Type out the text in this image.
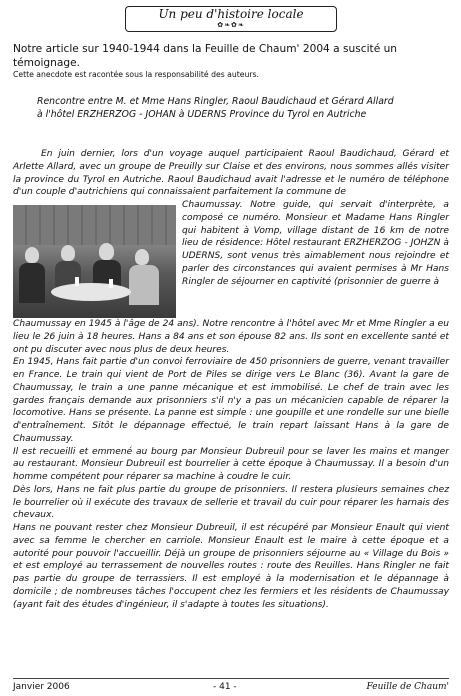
Un peu d'histoire locale
✿❧✿❧
Notre article sur 1940-1944 dans la Feuille de Chaum' 2004 a suscité un témoignage.
Cette anecdote est racontée sous la responsabilité des auteurs.
Rencontre entre M. et Mme Hans Ringler, Raoul Baudichaud et Gérard Allard
à l'hôtel ERZHERZOG - JOHAN à UDERNS Province du Tyrol en Autriche

En juin dernier, lors d'un voyage auquel participaient Raoul Baudichaud, Gérard et Arlette Allard, avec un groupe de Preuilly sur Claise et des environs, nous sommes allés visiter la province du Tyrol en Autriche. Raoul Baudichaud avait l'adresse et le numéro de téléphone d'un couple d'autrichiens qui connaissaient parfaitement la commune de

Chaumussay. Notre guide, qui servait d'interprète, a composé ce numéro. Monsieur et Madame Hans Ringler qui habitent à Vomp, village distant de 16 km de notre lieu de résidence: Hôtel restaurant ERZHERZOG - JOHZN à UDERNS, sont venus très aimablement nous rejoindre et parler des circonstances qui avaient permises à Mr Hans Ringler de séjourner en captivité (prisonnier de guerre à

Chaumussay en 1945 à l'âge de 24 ans). Notre rencontre à l'hôtel avec Mr et Mme Ringler a eu lieu le 26 juin à 18 heures. Hans a 84 ans et son épouse 82 ans. Ils sont en excellente santé et ont pu discuter avec nous plus de deux heures.

En 1945, Hans fait partie d'un convoi ferroviaire de 450 prisonniers de guerre, venant travailler en France. Le train qui vient de Port de Piles se dirige vers Le Blanc (36). Avant la gare de Chaumussay, le train a une panne mécanique et est immobilisé. Le chef de train avec les gardes français demande aux prisonniers s'il n'y a pas un mécanicien capable de réparer la locomotive. Hans se présente. La panne est simple : une goupille et une rondelle sur une bielle d'entraînement. Sitôt le dépannage effectué, le train repart laissant Hans à la gare de Chaumussay.

Il est recueilli et emmené au bourg par Monsieur Dubreuil pour se laver les mains et manger au restaurant. Monsieur Dubreuil est bourrelier à cette époque à Chaumussay. Il a besoin d'un homme compétent pour réparer sa machine à coudre le cuir.

Dès lors, Hans ne fait plus partie du groupe de prisonniers. Il restera plusieurs semaines chez le bourrelier où il exécute des travaux de sellerie et travail du cuir pour réparer les harnais des chevaux.

Hans ne pouvant rester chez Monsieur Dubreuil, il est récupéré par Monsieur Enault qui vient avec sa femme le chercher en carriole. Monsieur Enault est le maire à cette époque et a autorité pour pouvoir l'accueillir. Déjà un groupe de prisonniers séjourne au « Village du Bois » et est employé au terrassement de nouvelles routes : route des Reuilles. Hans Ringler ne fait pas partie du groupe de terrassiers. Il est employé à la modernisation et le dépannage à domicile ; de nombreuses tâches l'occupent chez les fermiers et les résidents de Chaumussay (ayant fait des études d'ingénieur, il s'adapte à toutes les situations).

Janvier 2006	- 41 -	Feuille de Chaum'
